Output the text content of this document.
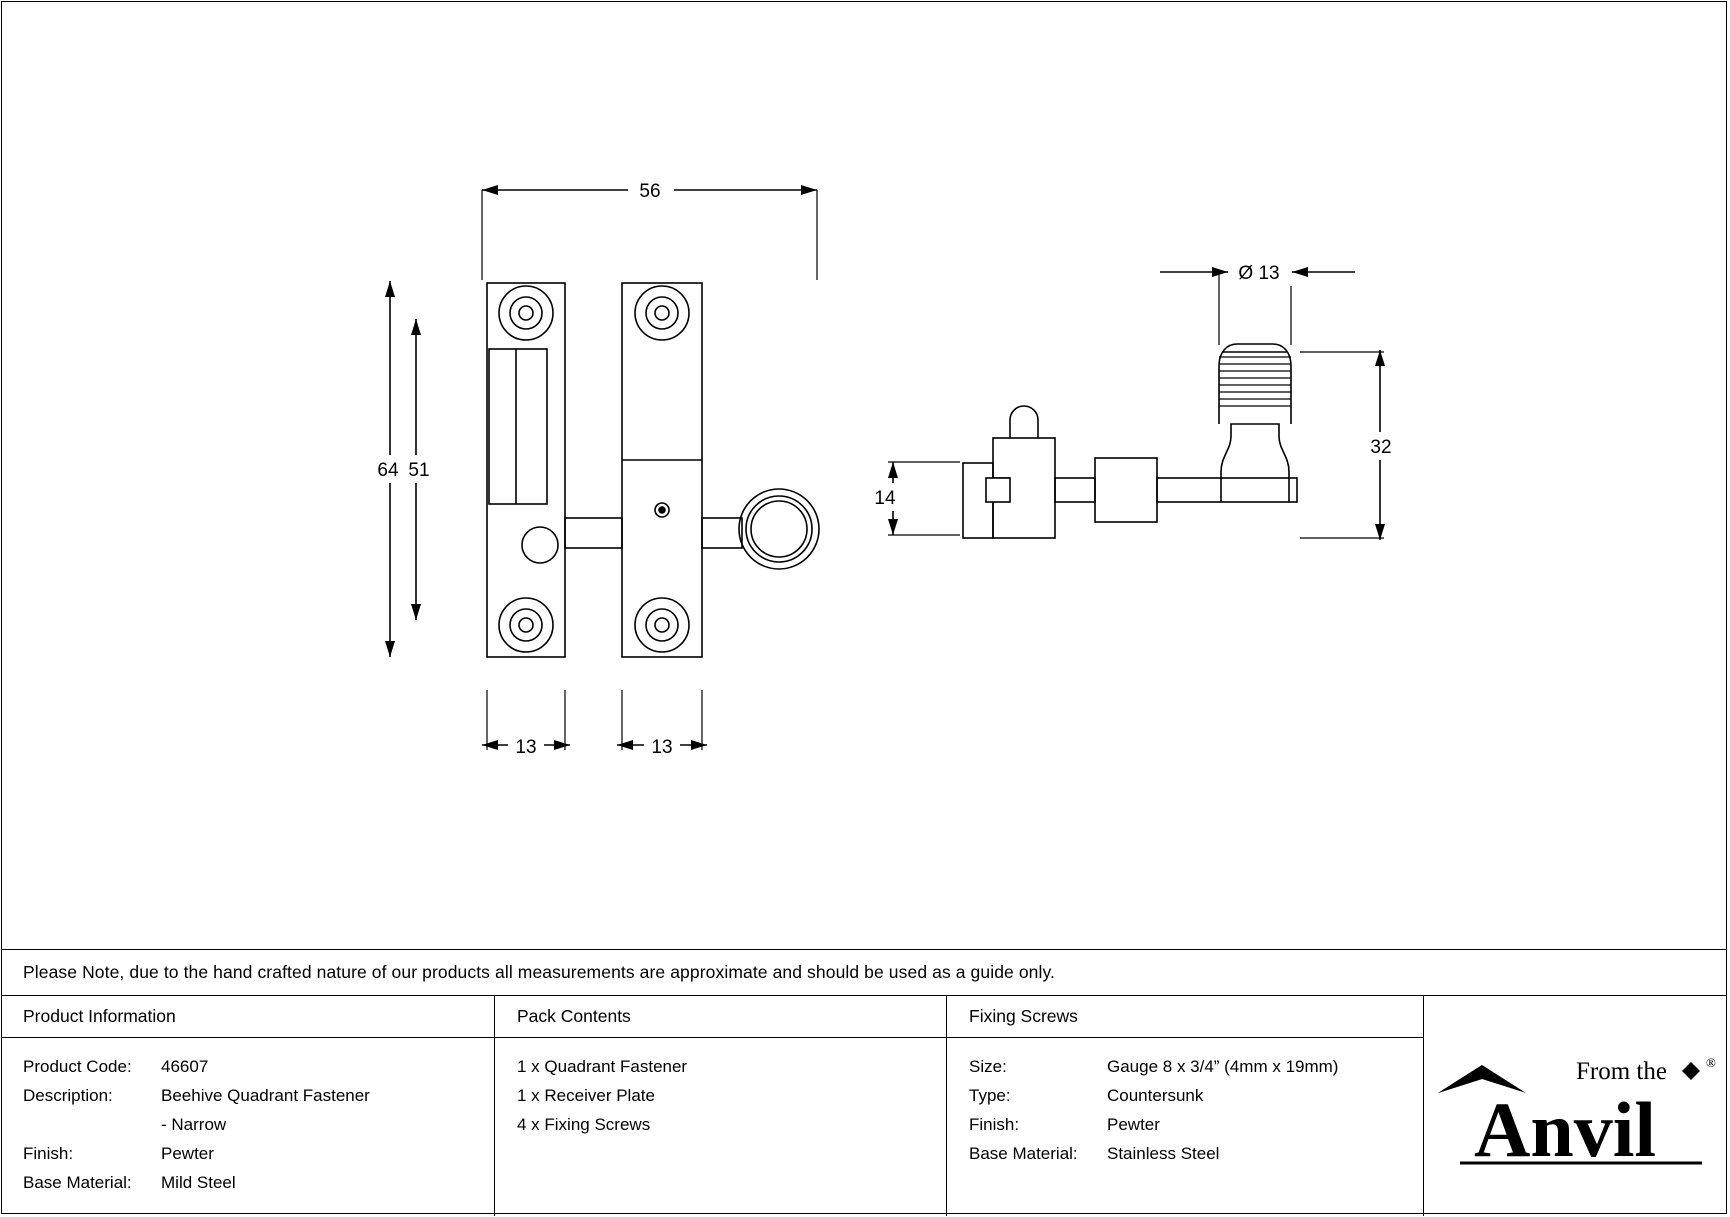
56
64 51
13	13
Ø 13
14
32
Please Note, due to the hand crafted nature of our products all measurements are approximate and should be used as a guide only.
Product Information
Product Code:	46607
Description:	Beehive Quadrant Fastener
- Narrow
Finish:	Pewter
Base Material:	Mild Steel
Pack Contents
1 x Quadrant Fastener
1 x Receiver Plate
4 x Fixing Screws
Fixing Screws
Size:	Gauge 8 x 3/4” (4mm x 19mm)
Type:	Countersunk
Finish:	Pewter
Base Material:	Stainless Steel
From the	®
Anvil
